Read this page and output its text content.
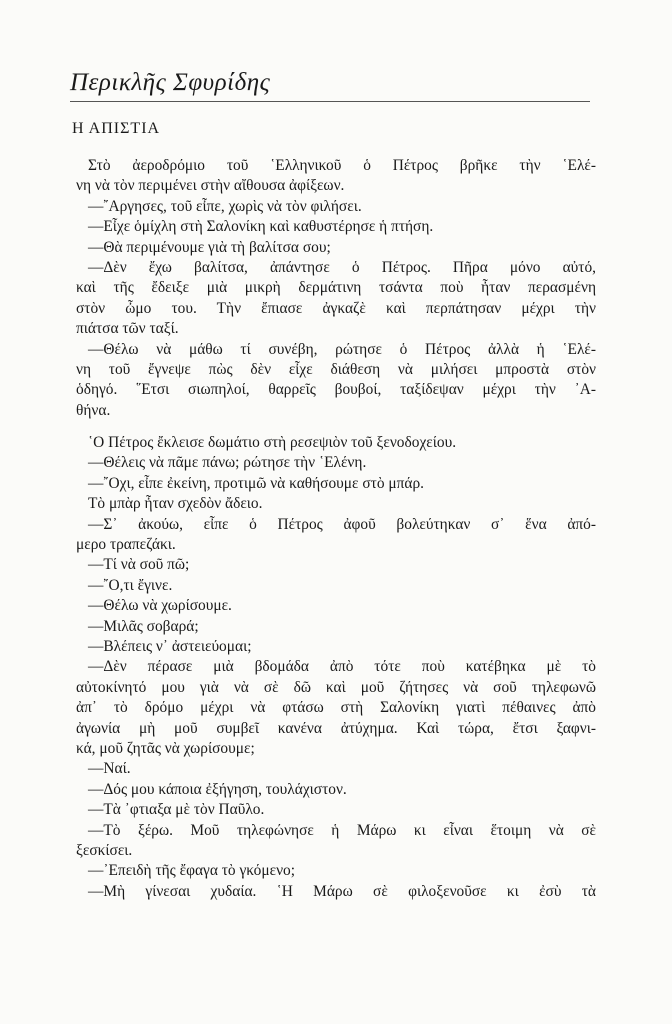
Περικλῆς Σφυρίδης
Η ΑΠΙΣΤΙΑ
Στὸ ἀεροδρόμιο τοῦ ῾Ελληνικοῦ ὁ Πέτρος βρῆκε τὴν ῾Ελέ-
νη νὰ τὸν περιμένει στὴν αἴθουσα ἀφίξεων.
—῎Αργησες, τοῦ εἶπε, χωρὶς νὰ τὸν φιλήσει.
—Εἶχε ὁμίχλη στὴ Σαλονίκη καὶ καθυστέρησε ἡ πτήση.
—Θὰ περιμένουμε γιὰ τὴ βαλίτσα σου;
—Δὲν ἔχω βαλίτσα, ἀπάντησε ὁ Πέτρος. Πῆρα μόνο αὐτό,
καὶ τῆς ἔδειξε μιὰ μικρὴ δερμάτινη τσάντα ποὺ ἦταν περασμένη
στὸν ὦμο του. Τὴν ἔπιασε ἀγκαζὲ καὶ περπάτησαν μέχρι τὴν
πιάτσα τῶν ταξί.
—Θέλω νὰ μάθω τί συνέβη, ρώτησε ὁ Πέτρος ἀλλὰ ἡ ῾Ελέ-
νη τοῦ ἔγνεψε πὼς δὲν εἶχε διάθεση νὰ μιλήσει μπροστὰ στὸν
ὁδηγό. ῞Ετσι σιωπηλοί, θαρρεῖς βουβοί, ταξίδεψαν μέχρι τὴν ᾿Α-
θήνα.
῾Ο Πέτρος ἔκλεισε δωμάτιο στὴ ρεσεψιὸν τοῦ ξενοδοχείου.
—Θέλεις νὰ πᾶμε πάνω; ρώτησε τὴν ῾Ελένη.
—῎Οχι, εἶπε ἐκείνη, προτιμῶ νὰ καθήσουμε στὸ μπάρ.
Τὸ μπὰρ ἦταν σχεδὸν ἄδειο.
—Σ᾿ ἀκούω, εἶπε ὁ Πέτρος ἀφοῦ βολεύτηκαν σ᾿ ἕνα ἀπό-
μερο τραπεζάκι.
—Τί νὰ σοῦ πῶ;
—῎Ο,τι ἔγινε.
—Θέλω νὰ χωρίσουμε.
—Μιλᾶς σοβαρά;
—Βλέπεις ν᾿ ἀστειεύομαι;
—Δὲν πέρασε μιὰ βδομάδα ἀπὸ τότε ποὺ κατέβηκα μὲ τὸ
αὐτοκίνητό μου γιὰ νὰ σὲ δῶ καὶ μοῦ ζήτησες νὰ σοῦ τηλεφωνῶ
ἀπ᾿ τὸ δρόμο μέχρι νὰ φτάσω στὴ Σαλονίκη γιατὶ πέθαινες ἀπὸ
ἀγωνία μὴ μοῦ συμβεῖ κανένα ἀτύχημα. Καὶ τώρα, ἔτσι ξαφνι-
κά, μοῦ ζητᾶς νὰ χωρίσουμε;
—Ναί.
—Δός μου κάποια ἐξήγηση, τουλάχιστον.
—Τὰ ᾿φτιαξα μὲ τὸν Παῦλο.
—Τὸ ξέρω. Μοῦ τηλεφώνησε ἡ Μάρω κι εἶναι ἕτοιμη νὰ σὲ
ξεσκίσει.
—᾿Επειδὴ τῆς ἔφαγα τὸ γκόμενο;
—Μὴ γίνεσαι χυδαία. ῾Η Μάρω σὲ φιλοξενοῦσε κι ἐσὺ τὰ
